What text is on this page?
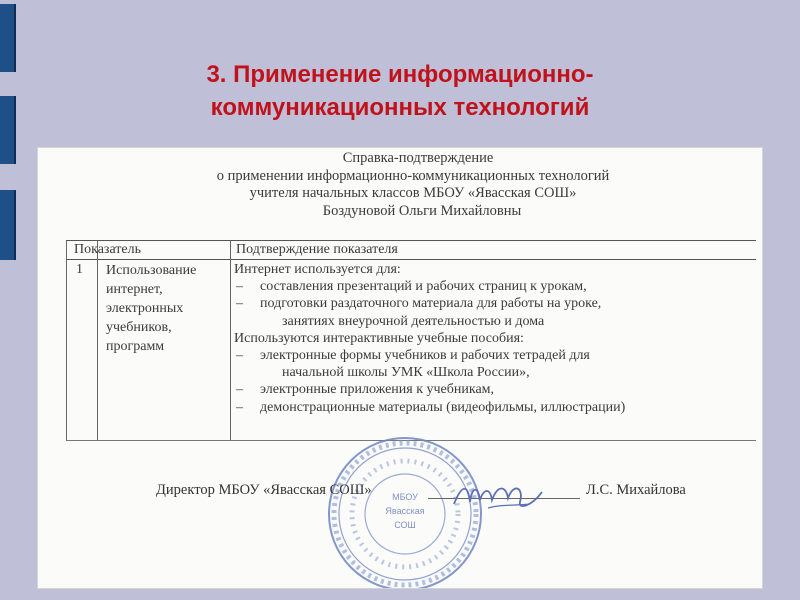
3. Применение информационно-
коммуникационных технологий
Справка-подтверждение
о применении информационно-коммуникационных технологий
учителя начальных классов МБОУ «Явасская СОШ»
Боздуновой Ольги Михайловны
Показатель	Подтверждение показателя
1 Использование интернет, электронных учебников, программ
Интернет используется для:
– составления презентаций и рабочих страниц к урокам,
– подготовки раздаточного материала для работы на уроке,
занятиях внеурочной деятельностью и дома
Используются интерактивные учебные пособия:
– электронные формы учебников и рабочих тетрадей для
начальной школы УМК «Школа России»,
– электронные приложения к учебникам,
– демонстрационные материалы (видеофильмы, иллюстрации)
МБОУ
Явасская
СОШ
Директор МБОУ «Явасская СОШ»	Л.С. Михайлова
